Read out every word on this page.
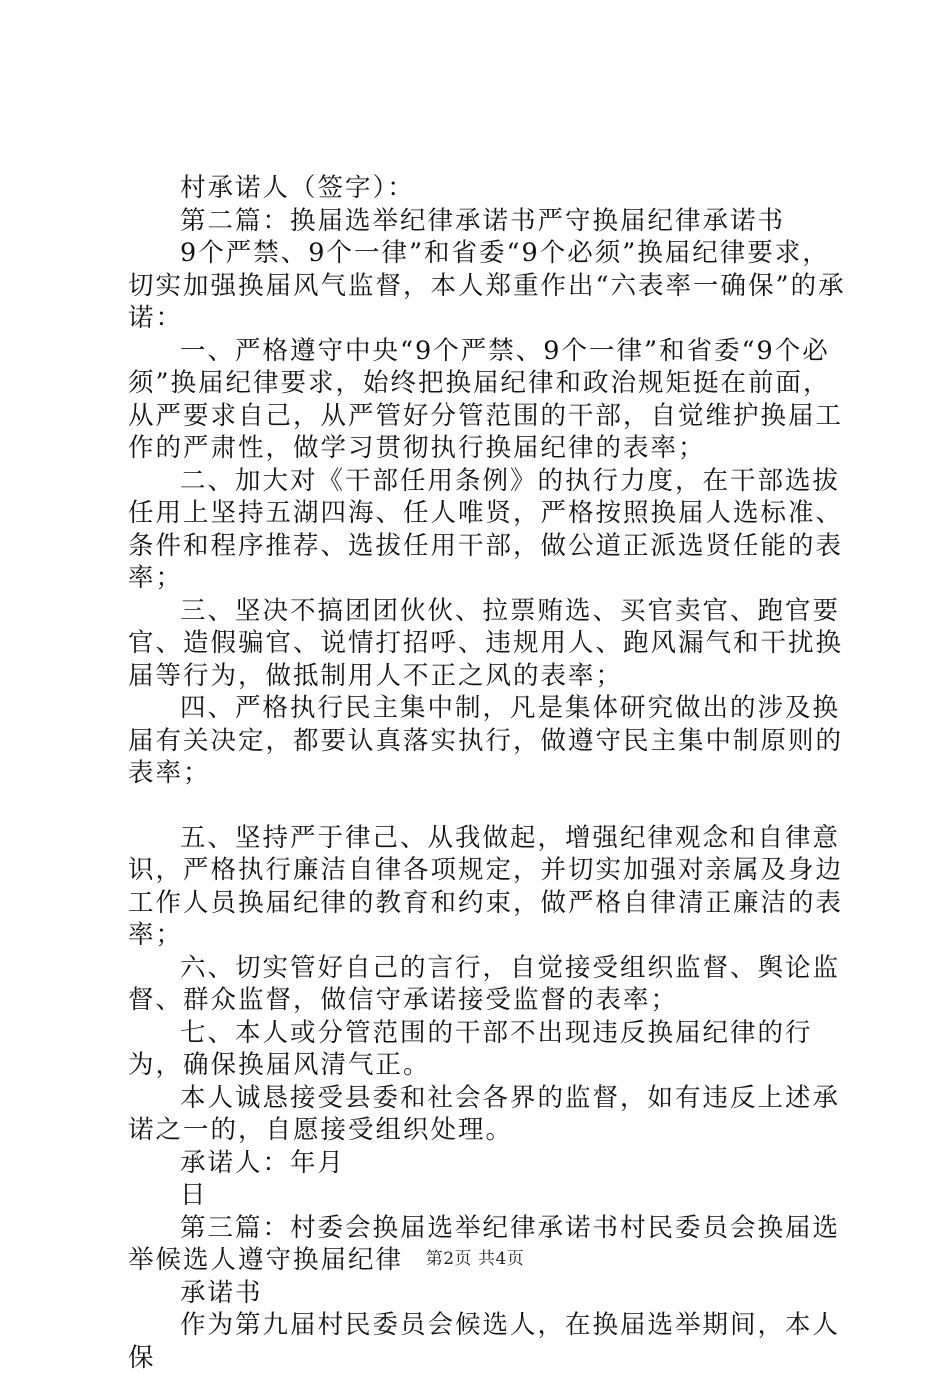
村承诺人（签字）：

第二篇：换届选举纪律承诺书严守换届纪律承诺书

9个严禁、9个一律”和省委“9个必须”换届纪律要求，切实加强换届风气监督，本人郑重作出“六表率一确保”的承诺：

一、严格遵守中央“9个严禁、9个一律”和省委“9个必须”换届纪律要求，始终把换届纪律和政治规矩挺在前面，从严要求自己，从严管好分管范围的干部，自觉维护换届工作的严肃性，做学习贯彻执行换届纪律的表率；

二、加大对《干部任用条例》的执行力度，在干部选拔任用上坚持五湖四海、任人唯贤，严格按照换届人选标准、条件和程序推荐、选拔任用干部，做公道正派选贤任能的表率；

三、坚决不搞团团伙伙、拉票贿选、买官卖官、跑官要官、造假骗官、说情打招呼、违规用人、跑风漏气和干扰换届等行为，做抵制用人不正之风的表率；

四、严格执行民主集中制，凡是集体研究做出的涉及换届有关决定，都要认真落实执行，做遵守民主集中制原则的表率；

五、坚持严于律己、从我做起，增强纪律观念和自律意识，严格执行廉洁自律各项规定，并切实加强对亲属及身边工作人员换届纪律的教育和约束，做严格自律清正廉洁的表率；

六、切实管好自己的言行，自觉接受组织监督、舆论监督、群众监督，做信守承诺接受监督的表率；

七、本人或分管范围的干部不出现违反换届纪律的行为，确保换届风清气正。

本人诚恳接受县委和社会各界的监督，如有违反上述承诺之一的，自愿接受组织处理。

承诺人：年月

日

第三篇：村委会换届选举纪律承诺书村民委员会换届选举候选人遵守换届纪律

承诺书

作为第九届村民委员会候选人，在换届选举期间，本人保

第2页 共4页
